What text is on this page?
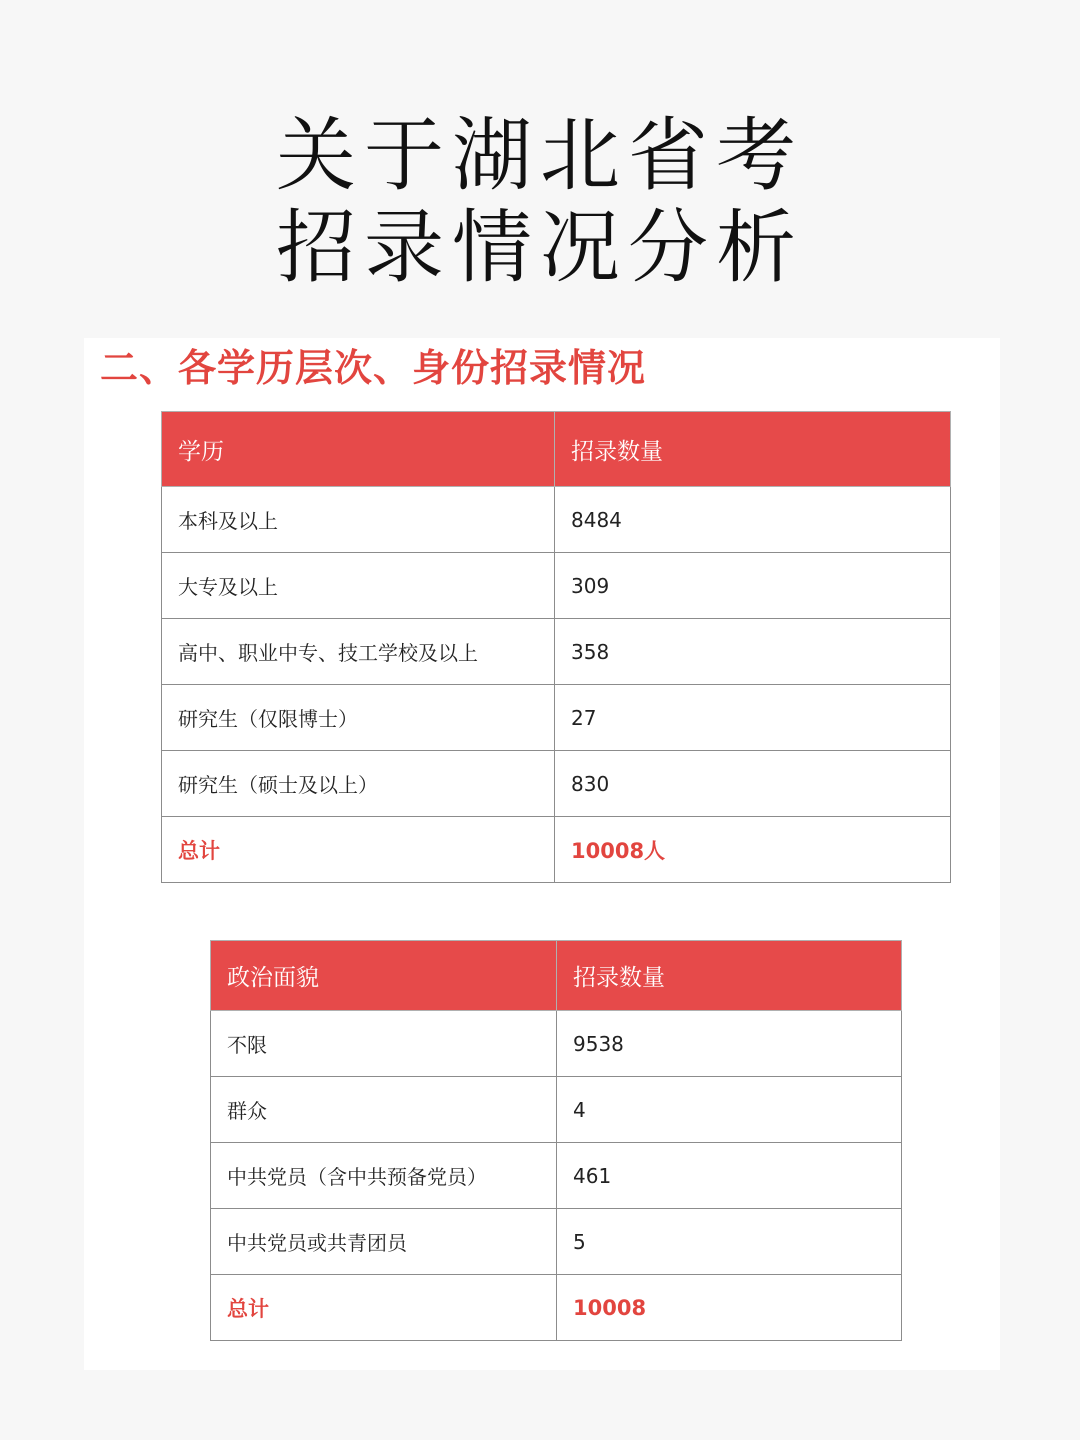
关于湖北省考
招录情况分析
二、各学历层次、身份招录情况
学历	招录数量
本科及以上	8484
大专及以上	309
高中、职业中专、技工学校及以上	358
研究生（仅限博士）	27
研究生（硕士及以上）	830
总计	10008人
政治面貌	招录数量
不限	9538
群众	4
中共党员（含中共预备党员）	461
中共党员或共青团员	5
总计	10008
